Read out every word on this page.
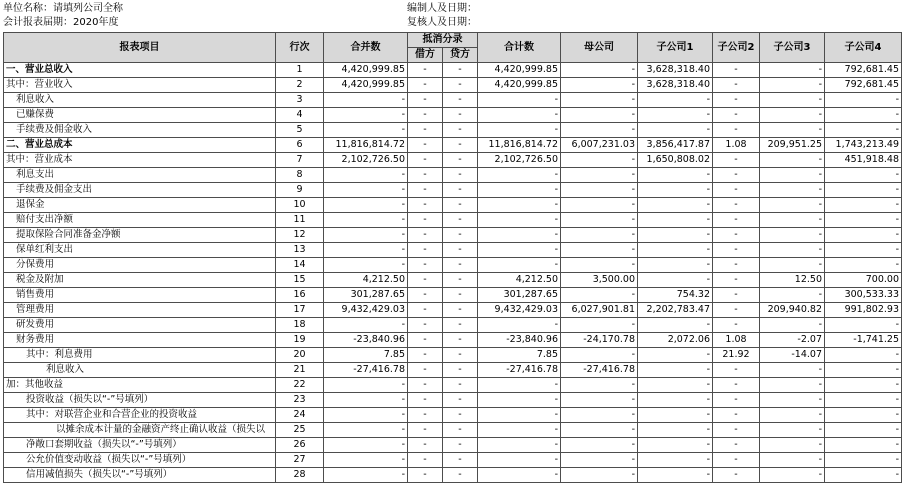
单位名称：请填列公司全称
会计报表届期：2020年度
编制人及日期：
复核人及日期：
报表项目	行次	合并数	抵消分录		合计数	母公司	子公司1	子公司2	子公司3	子公司4
			借方	贷方						
一、营业总收入	1	4,420,999.85	-	-	4,420,999.85	-	3,628,318.40	-	-	792,681.45
其中：营业收入	2	4,420,999.85	-	-	4,420,999.85	-	3,628,318.40	-	-	792,681.45
利息收入	3	-	-	-	-	-	-	-	-	-
已赚保费	4	-	-	-	-	-	-	-	-	-
手续费及佣金收入	5	-	-	-	-	-	-	-	-	-
二、营业总成本	6	11,816,814.72	-	-	11,816,814.72	6,007,231.03	3,856,417.87	1.08	209,951.25	1,743,213.49
其中：营业成本	7	2,102,726.50	-	-	2,102,726.50	-	1,650,808.02	-	-	451,918.48
利息支出	8	-	-	-	-	-	-	-	-	-
手续费及佣金支出	9	-	-	-	-	-	-	-	-	-
退保金	10	-	-	-	-	-	-	-	-	-
赔付支出净额	11	-	-	-	-	-	-	-	-	-
提取保险合同准备金净额	12	-	-	-	-	-	-	-	-	-
保单红利支出	13	-	-	-	-	-	-	-	-	-
分保费用	14	-	-	-	-	-	-	-	-	-
税金及附加	15	4,212.50	-	-	4,212.50	3,500.00	-	-	12.50	700.00
销售费用	16	301,287.65	-	-	301,287.65	-	754.32	-	-	300,533.33
管理费用	17	9,432,429.03	-	-	9,432,429.03	6,027,901.81	2,202,783.47	-	209,940.82	991,802.93
研发费用	18	-	-	-	-	-	-	-	-	-
财务费用	19	-23,840.96	-	-	-23,840.96	-24,170.78	2,072.06	1.08	-2.07	-1,741.25
其中：利息费用	20	7.85	-	-	7.85	-	-	21.92	-14.07	-
利息收入	21	-27,416.78	-	-	-27,416.78	-27,416.78	-	-	-	-
加：其他收益	22	-	-	-	-	-	-	-	-	-
投资收益（损失以“-”号填列）	23	-	-	-	-	-	-	-	-	-
其中：对联营企业和合营企业的投资收益	24	-	-	-	-	-	-	-	-	-
以摊余成本计量的金融资产终止确认收益（损失以	25	-	-	-	-	-	-	-	-	-
净敞口套期收益（损失以“-”号填列）	26	-	-	-	-	-	-	-	-	-
公允价值变动收益（损失以“-”号填列）	27	-	-	-	-	-	-	-	-	-
信用减值损失（损失以“-”号填列）	28	-	-	-	-	-	-	-	-	-
